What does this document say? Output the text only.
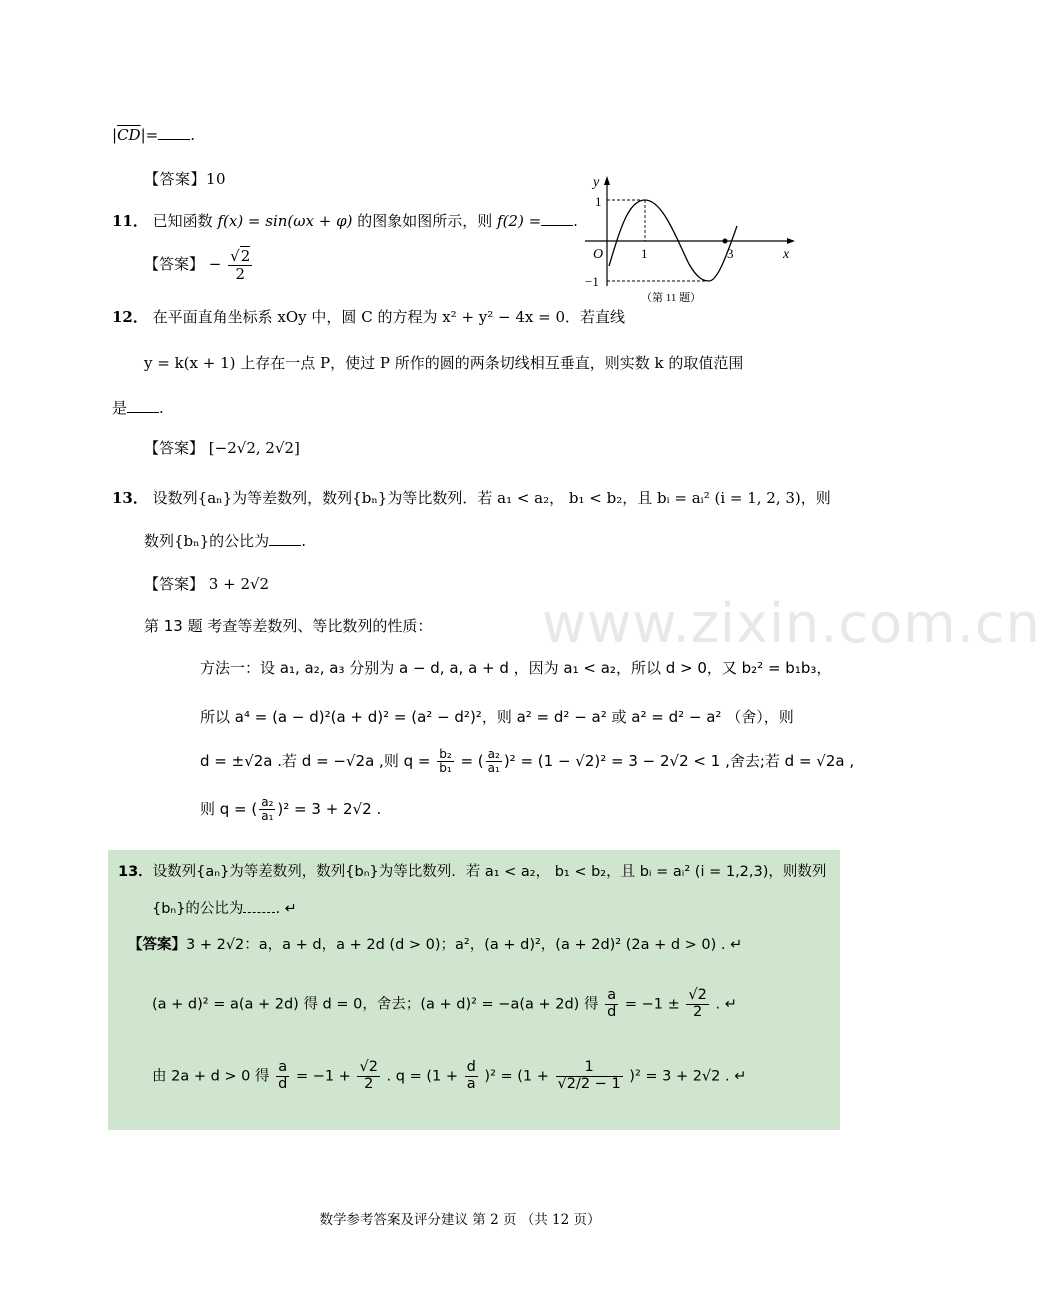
$|\overline{CD}|=$ .
【答案】10
11． 已知函数 f(x) = sin(ωx + φ) 的图象如图所示，则 f(2) = .
【答案】 − $\frac{√2}{2}$
y
x
O
1
−1
1	3
（第 11 题）
12． 在平面直角坐标系 xOy 中，圆 C 的方程为 x² + y² − 4x = 0．若直线
y = k(x + 1) 上存在一点 P，使过 P 所作的圆的两条切线相互垂直，则实数 k 的取值范围
是 .
【答案】 [−2√2, 2√2]
13． 设数列{aₙ}为等差数列，数列{bₙ}为等比数列．若 a₁ < a₂， b₁ < b₂，且 bᵢ = aᵢ² (i = 1, 2, 3)，则
数列{bₙ}的公比为 .
【答案】 3 + 2√2
www.zixin.com.cn
第 13 题 考查等差数列、等比数列的性质：
方法一：设 a₁, a₂, a₃ 分别为 a − d, a, a + d ，因为 a₁ < a₂，所以 d > 0，又 b₂² = b₁b₃，
所以 a⁴ = (a − d)²(a + d)² = (a² − d²)²，则 a² = d² − a² 或 a² = d² − a² （舍），则
d = ±√2a .若 d = −√2a ,则 $q = \frac{\text{b₂}}{\text{b₁}}$ = ( $\frac{\text{a₂}}{\text{a₁}} )^2 = (1 - √2)^2 = 3 - 2√2 < 1$ ,舍去;若 d = √2a ,
则 q = ( $\frac{\text{a₂}}{\text{a₁}} )^2 = 3 + 2√2$ .
13．设数列{aₙ}为等差数列，数列{bₙ}为等比数列．若 a₁ < a₂， b₁ < b₂，且 bᵢ = aᵢ² (i = 1,2,3)，则数列
{bₙ}的公比为 . ↵
【答案】3 + 2√2：a，a + d，a + 2d (d > 0)；a²，(a + d)²，(a + 2d)² (2a + d > 0) . ↵
(a + d)² = a(a + 2d) 得 d = 0，舍去；(a + d)² = −a(a + 2d) 得 $\frac{a}{d} = -1 \pm \frac{√2}{2}$ . ↵
由 2a + d > 0 得 $\frac{a}{d} = -1 + \frac{√2}{2}$ . $q = (1 + \frac{d}{a} )^2 = (1 + \frac{1}{√2/2 - 1} )^2 = 3 + 2√2$ . ↵
数学参考答案及评分建议 第 2 页 （共 12 页）
